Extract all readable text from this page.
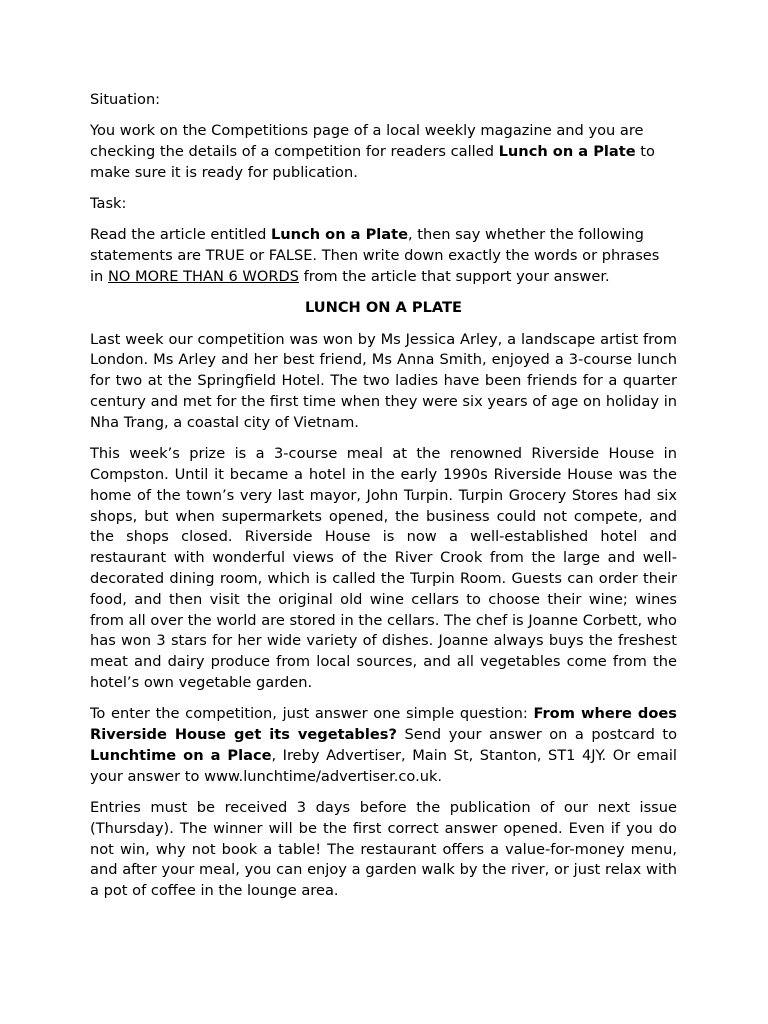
Situation:

You work on the Competitions page of a local weekly magazine and you are checking the details of a competition for readers called Lunch on a Plate to make sure it is ready for publication.

Task:

Read the article entitled Lunch on a Plate, then say whether the following statements are TRUE or FALSE. Then write down exactly the words or phrases in NO MORE THAN 6 WORDS from the article that support your answer.

LUNCH ON A PLATE

Last week our competition was won by Ms Jessica Arley, a landscape artist from London. Ms Arley and her best friend, Ms Anna Smith, enjoyed a 3-course lunch for two at the Springfield Hotel. The two ladies have been friends for a quarter century and met for the first time when they were six years of age on holiday in Nha Trang, a coastal city of Vietnam.

This week’s prize is a 3-course meal at the renowned Riverside House in Compston. Until it became a hotel in the early 1990s Riverside House was the home of the town’s very last mayor, John Turpin. Turpin Grocery Stores had six shops, but when supermarkets opened, the business could not compete, and the shops closed. Riverside House is now a well-established hotel and restaurant with wonderful views of the River Crook from the large and well-decorated dining room, which is called the Turpin Room. Guests can order their food, and then visit the original old wine cellars to choose their wine; wines from all over the world are stored in the cellars. The chef is Joanne Corbett, who has won 3 stars for her wide variety of dishes. Joanne always buys the freshest meat and dairy produce from local sources, and all vegetables come from the hotel’s own vegetable garden.

To enter the competition, just answer one simple question: From where does Riverside House get its vegetables? Send your answer on a postcard to Lunchtime on a Place, Ireby Advertiser, Main St, Stanton, ST1 4JY. Or email your answer to www.lunchtime/advertiser.co.uk.

Entries must be received 3 days before the publication of our next issue (Thursday). The winner will be the first correct answer opened. Even if you do not win, why not book a table! The restaurant offers a value-for-money menu, and after your meal, you can enjoy a garden walk by the river, or just relax with a pot of coffee in the lounge area.
